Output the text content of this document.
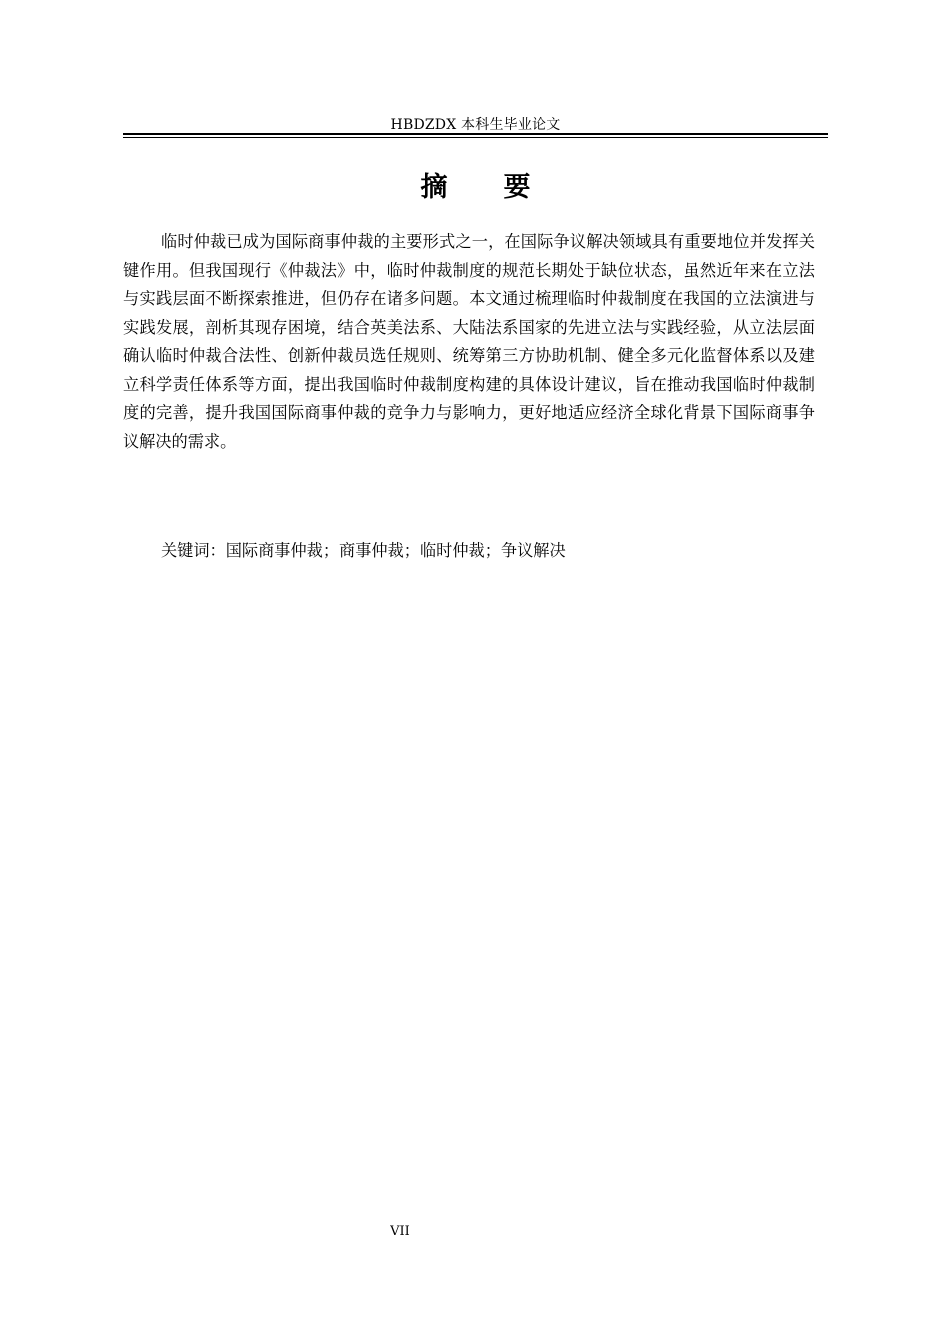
HBDZDX 本科生毕业论文
摘要

临时仲裁已成为国际商事仲裁的主要形式之一，在国际争议解决领域具有重要地位并发挥关键作用。但我国现行《仲裁法》中，临时仲裁制度的规范长期处于缺位状态，虽然近年来在立法与实践层面不断探索推进，但仍存在诸多问题。本文通过梳理临时仲裁制度在我国的立法演进与实践发展，剖析其现存困境，结合英美法系、大陆法系国家的先进立法与实践经验，从立法层面确认临时仲裁合法性、创新仲裁员选任规则、统筹第三方协助机制、健全多元化监督体系以及建立科学责任体系等方面，提出我国临时仲裁制度构建的具体设计建议，旨在推动我国临时仲裁制度的完善，提升我国国际商事仲裁的竞争力与影响力，更好地适应经济全球化背景下国际商事争议解决的需求。

关键词：国际商事仲裁；商事仲裁；临时仲裁；争议解决
VII
